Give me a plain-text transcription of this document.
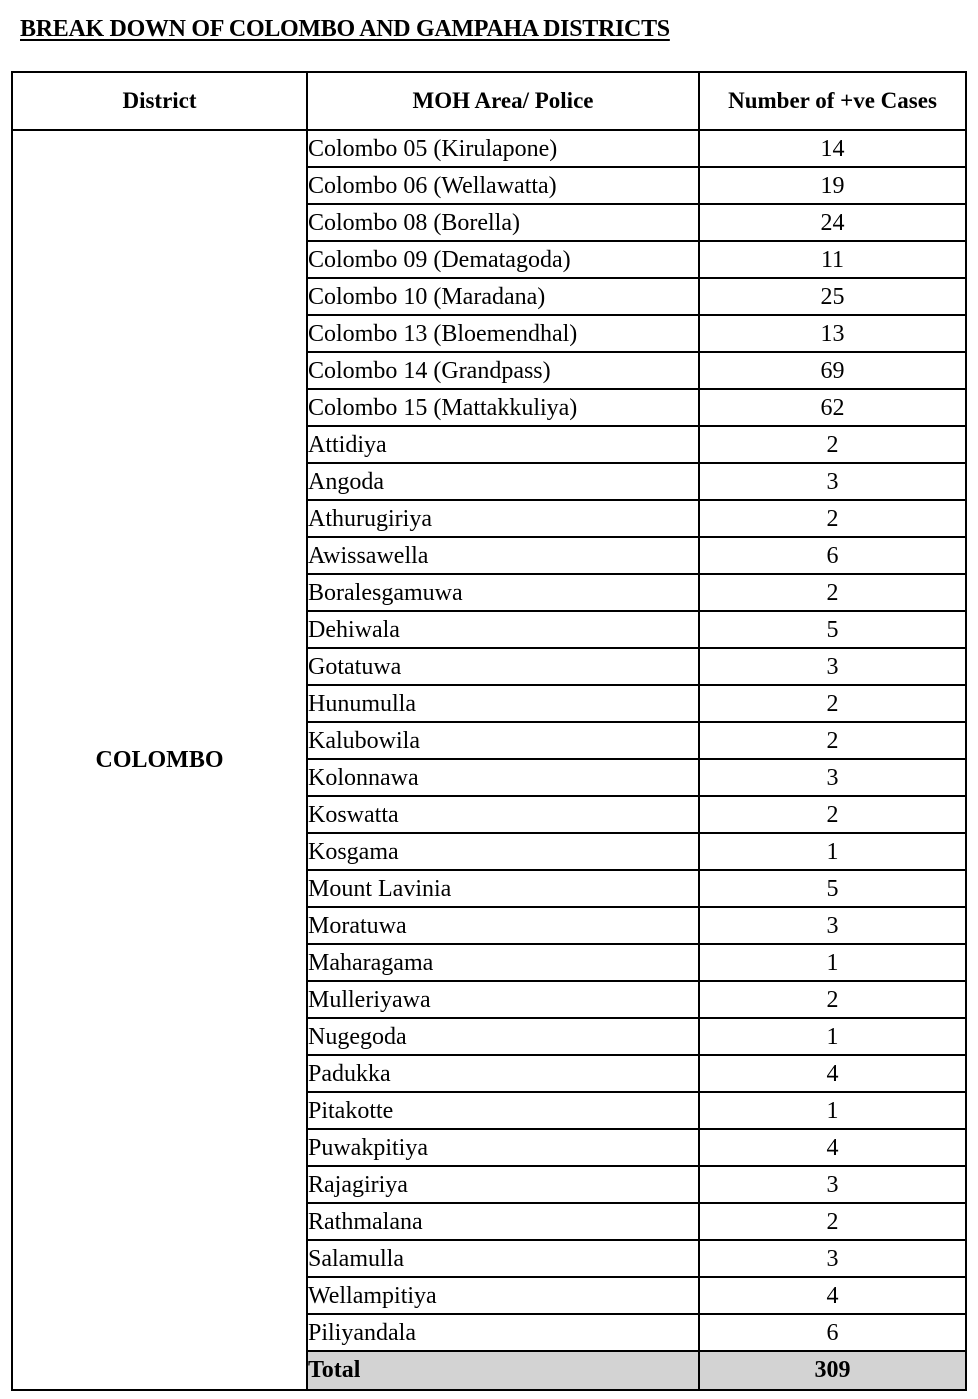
BREAK DOWN OF COLOMBO AND GAMPAHA DISTRICTS
District	MOH Area/ Police	Number of +ve Cases
COLOMBO	Colombo 05 (Kirulapone)	14
	Colombo 06 (Wellawatta)	19
	Colombo 08 (Borella)	24
	Colombo 09 (Dematagoda)	11
	Colombo 10 (Maradana)	25
	Colombo 13 (Bloemendhal)	13
	Colombo 14 (Grandpass)	69
	Colombo 15 (Mattakkuliya)	62
	Attidiya	2
	Angoda	3
	Athurugiriya	2
	Awissawella	6
	Boralesgamuwa	2
	Dehiwala	5
	Gotatuwa	3
	Hunumulla	2
	Kalubowila	2
	Kolonnawa	3
	Koswatta	2
	Kosgama	1
	Mount Lavinia	5
	Moratuwa	3
	Maharagama	1
	Mulleriyawa	2
	Nugegoda	1
	Padukka	4
	Pitakotte	1
	Puwakpitiya	4
	Rajagiriya	3
	Rathmalana	2
	Salamulla	3
	Wellampitiya	4
	Piliyandala	6
	Total	309
